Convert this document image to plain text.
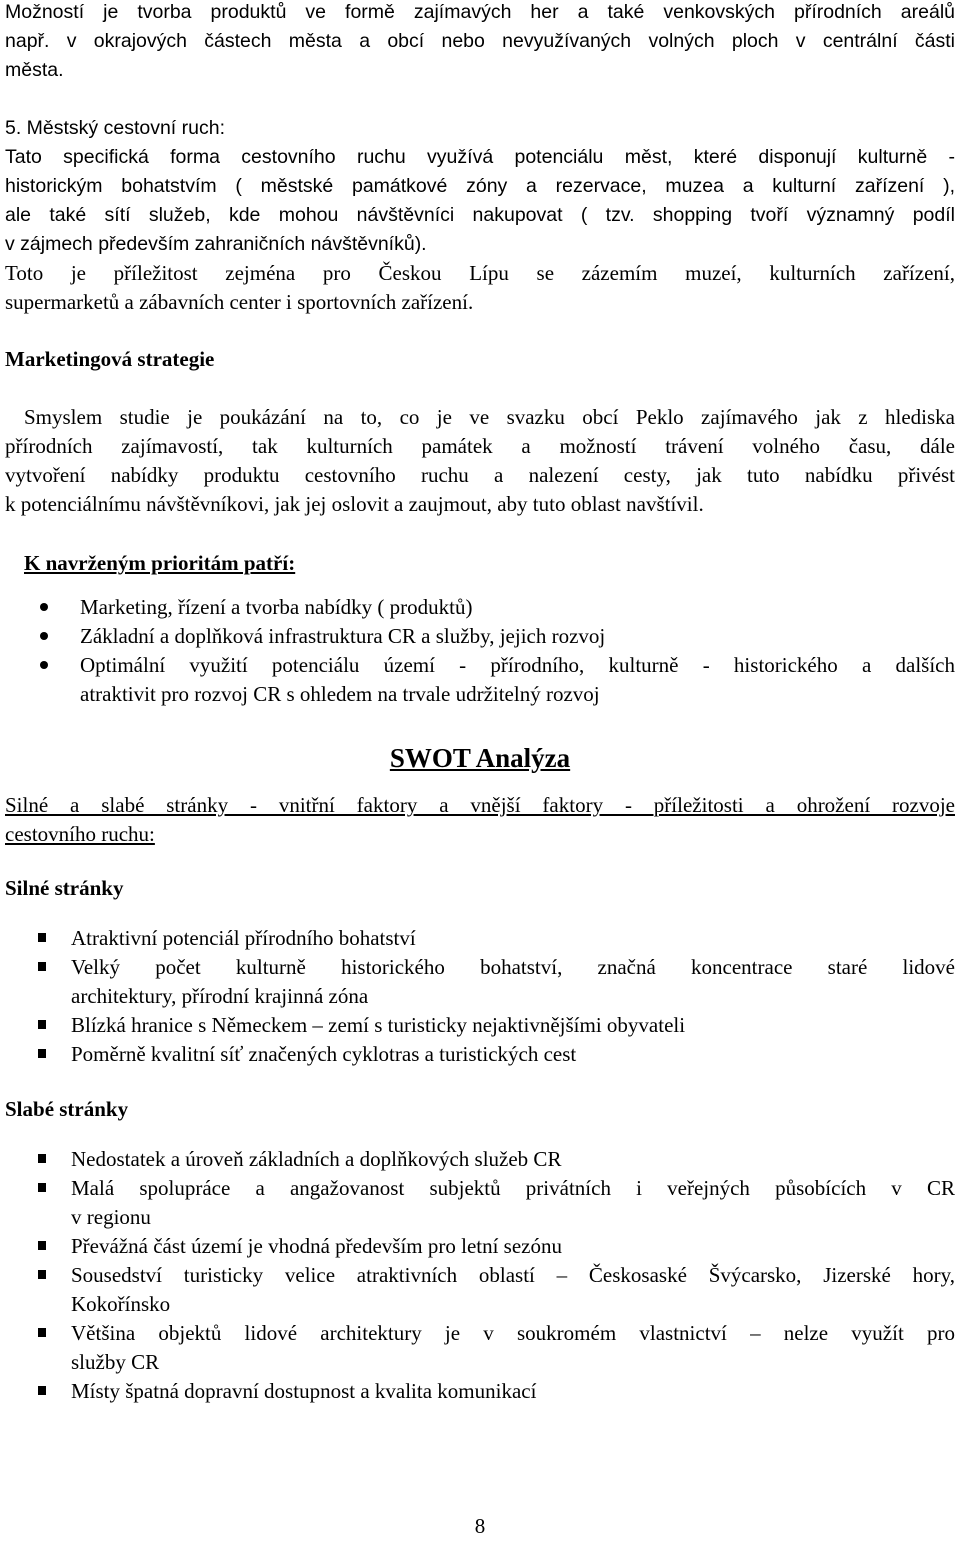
Možností je tvorba produktů ve formě zajímavých her a také venkovských přírodních areálů
např. v okrajových částech města a obcí nebo nevyužívaných volných ploch v centrální části
města.
5. Městský cestovní ruch:
Tato specifická forma cestovního ruchu využívá potenciálu měst, které disponují kulturně -
historickým bohatstvím ( městské památkové zóny a rezervace, muzea a kulturní zařízení ),
ale také sítí služeb, kde mohou návštěvníci nakupovat ( tzv. shopping tvoří významný podíl
v zájmech především zahraničních návštěvníků).
Toto je příležitost zejména pro Českou Lípu se zázemím muzeí, kulturních zařízení,
supermarketů a zábavních center i sportovních zařízení.
Marketingová strategie
Smyslem studie je poukázání na to, co je ve svazku obcí Peklo zajímavého jak z hlediska
přírodních zajímavostí, tak kulturních památek a možností trávení volného času, dále
vytvoření nabídky produktu cestovního ruchu a nalezení cesty, jak tuto nabídku přivést
k potenciálnímu návštěvníkovi, jak jej oslovit a zaujmout, aby tuto oblast navštívil.
K navrženým prioritám patří:
Marketing, řízení a tvorba nabídky ( produktů)
Základní a doplňková infrastruktura CR a služby, jejich rozvoj
Optimální využití potenciálu území - přírodního, kulturně - historického a dalších
atraktivit pro rozvoj CR s ohledem na trvale udržitelný rozvoj
SWOT Analýza
Silné a slabé stránky - vnitřní faktory a vnější faktory - příležitosti a ohrožení rozvoje
cestovního ruchu:
Silné stránky
Atraktivní potenciál přírodního bohatství
Velký počet kulturně historického bohatství, značná koncentrace staré lidové
architektury, přírodní krajinná zóna
Blízká hranice s Německem – zemí s turisticky nejaktivnějšími obyvateli
Poměrně kvalitní síť značených cyklotras a turistických cest
Slabé stránky
Nedostatek a úroveň základních a doplňkových služeb CR
Malá spolupráce a angažovanost subjektů privátních i veřejných působících v CR
v regionu
Převážná část území je vhodná především pro letní sezónu
Sousedství turisticky velice atraktivních oblastí – Českosaské Švýcarsko, Jizerské hory,
Kokořínsko
Většina objektů lidové architektury je v soukromém vlastnictví – nelze využít pro
služby CR
Místy špatná dopravní dostupnost a kvalita komunikací
8
